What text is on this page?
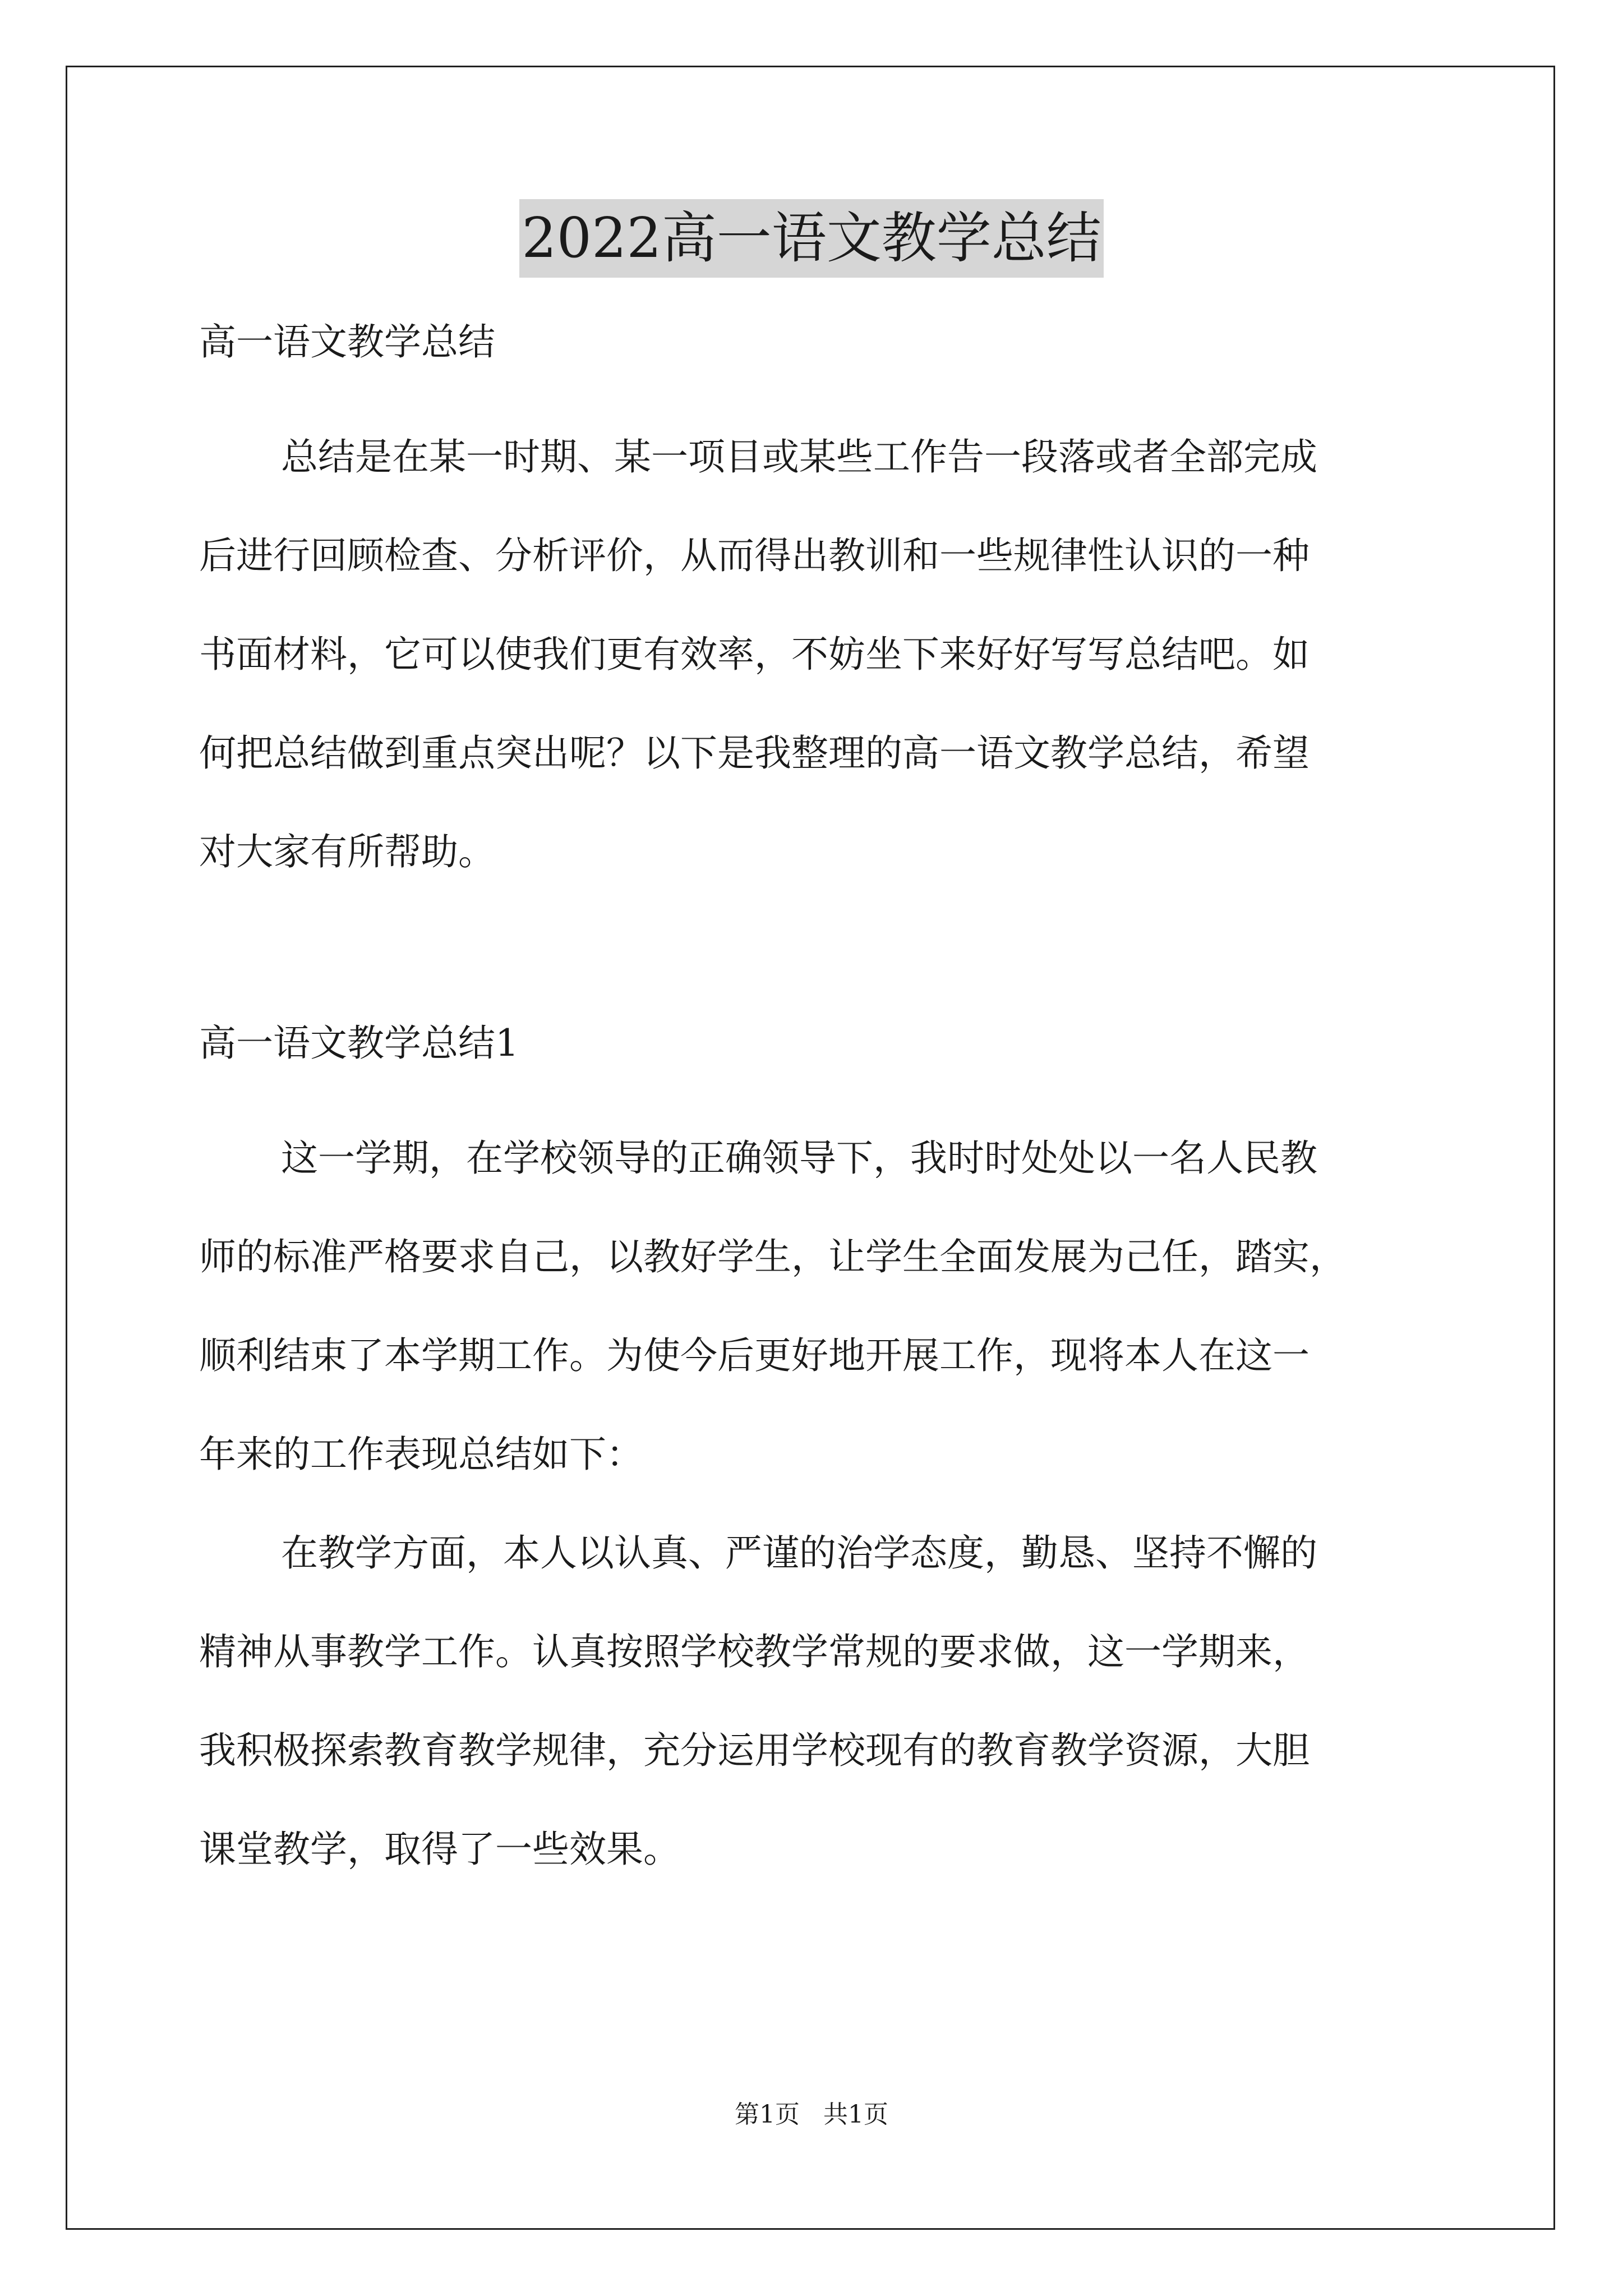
2022高一语文教学总结

高一语文教学总结

总结是在某一时期、某一项目或某些工作告一段落或者全部完成
后进行回顾检查、分析评价，从而得出教训和一些规律性认识的一种
书面材料，它可以使我们更有效率，不妨坐下来好好写写总结吧。如
何把总结做到重点突出呢？以下是我整理的高一语文教学总结，希望
对大家有所帮助。

高一语文教学总结1

这一学期，在学校领导的正确领导下，我时时处处以一名人民教
师的标准严格要求自己，以教好学生，让学生全面发展为己任，踏实，
顺利结束了本学期工作。为使今后更好地开展工作，现将本人在这一
年来的工作表现总结如下：

在教学方面，本人以认真、严谨的治学态度，勤恳、坚持不懈的
精神从事教学工作。认真按照学校教学常规的要求做，这一学期来，
我积极探索教育教学规律，充分运用学校现有的教育教学资源，大胆
课堂教学，取得了一些效果。

第1页   共1页
